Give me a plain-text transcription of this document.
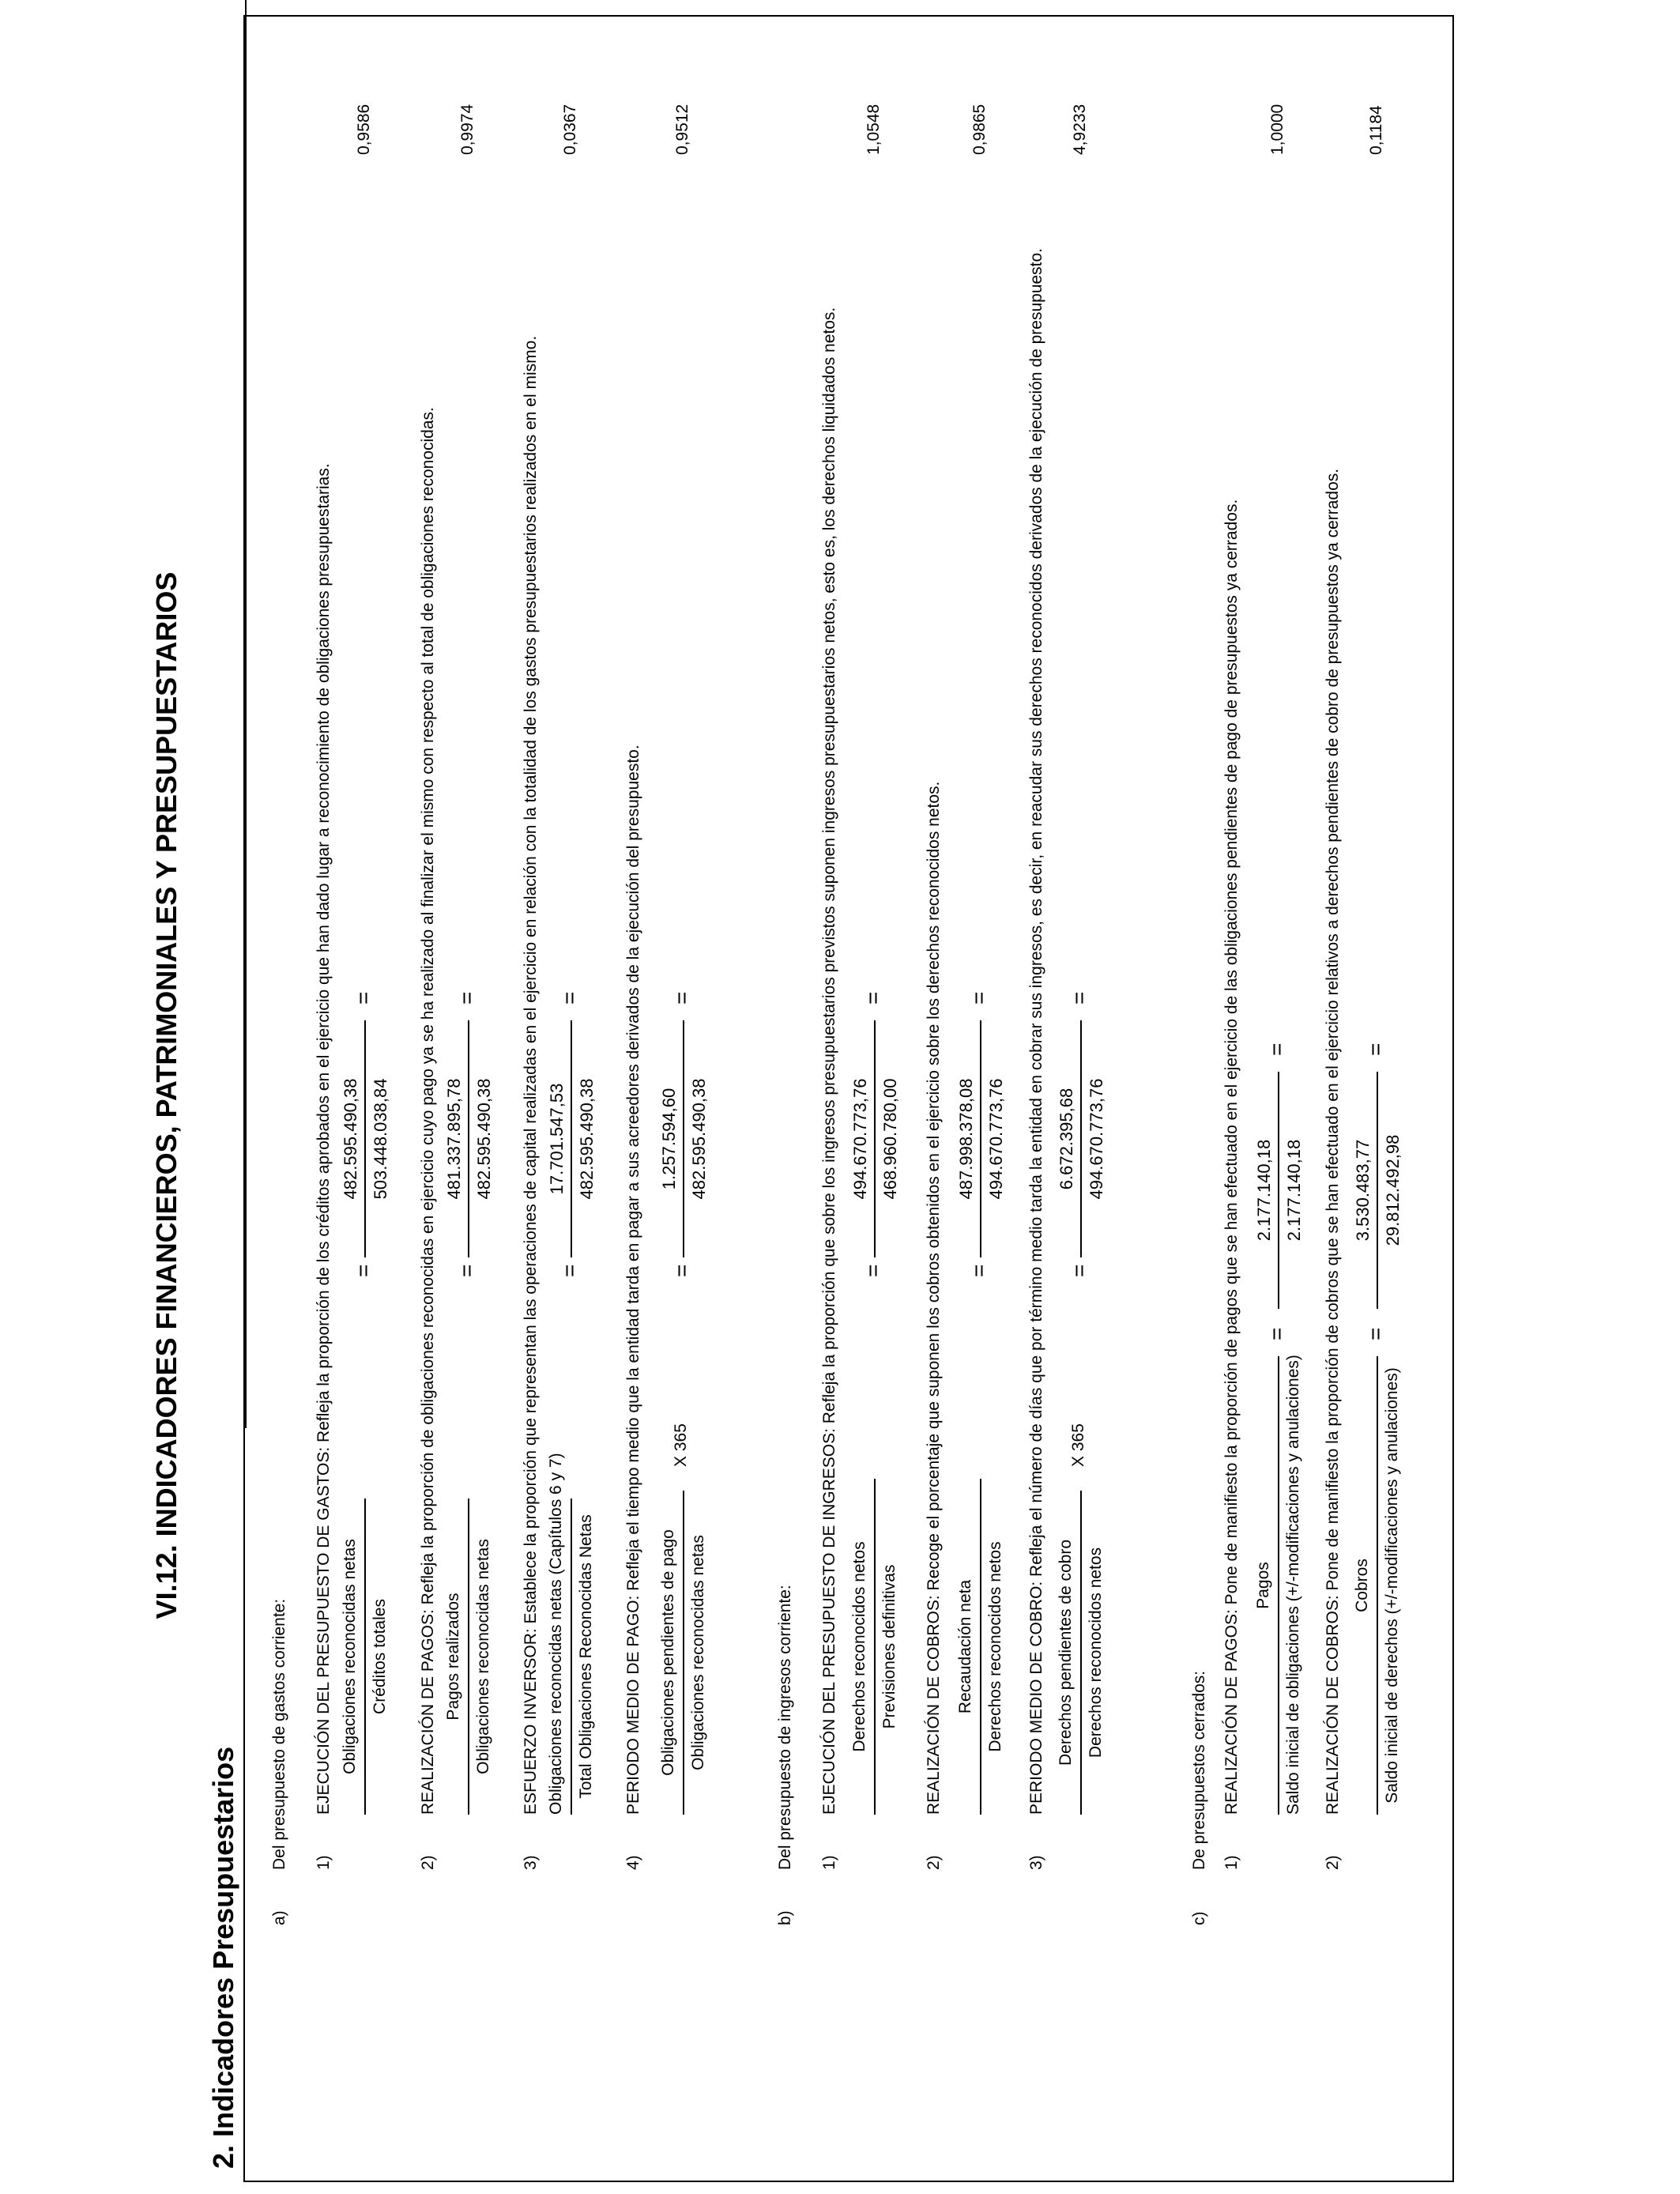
VI.12. INDICADORES FINANCIEROS, PATRIMONIALES Y PRESUPUESTARIOS
2. Indicadores Presupuestarios a)
Del presupuesto de gastos corriente: 1)
EJECUCIÓN DEL PRESUPUESTO DE GASTOS: Refleja la proporción de los créditos aprobados en el ejercicio que han dado lugar a reconocimiento de obligaciones presupuestarias. Obligaciones reconocidas netas Créditos totales
=
482.595.490,38 503.448.038,84
=
0,9586
2)
REALIZACIÓN DE PAGOS: Refleja la proporción de obligaciones reconocidas en ejercicio cuyo pago ya se ha realizado al finalizar el mismo con respecto al total de obligaciones reconocidas. Pagos realizados Obligaciones reconocidas netas
=
481.337.895,78 482.595.490,38
=
0,9974
3)
ESFUERZO INVERSOR: Establece la proporción que representan las operaciones de capital realizadas en el ejercicio en relación con la totalidad de los gastos presupuestarios realizados en el mismo. Obligaciones reconocidas netas (Capítulos 6 y 7) Total Obligaciones Reconocidas Netas
=
17.701.547,53 482.595.490,38
=
0,0367
4)
PERIODO MEDIO DE PAGO: Refleja el tiempo medio que la entidad tarda en pagar a sus acreedores derivados de la ejecución del presupuesto. Obligaciones pendientes de pago Obligaciones reconocidas netas
X 365
=
1.257.594,60 482.595.490,38
=
0,9512
b)
Del presupuesto de ingresos corriente: 1)
EJECUCIÓN DEL PRESUPUESTO DE INGRESOS: Refleja la proporción que sobre los ingresos presupuestarios previstos suponen ingresos presupuestarios netos, esto es, los derechos liquidados netos. Derechos reconocidos netos Previsiones definitivas
=
494.670.773,76 468.960.780,00
=
1,0548
2)
REALIZACIÓN DE COBROS: Recoge el porcentaje que suponen los cobros obtenidos en el ejercicio sobre los derechos reconocidos netos. Recaudación neta Derechos reconocidos netos
=
487.998.378,08 494.670.773,76
=
0,9865
3)
PERIODO MEDIO DE COBRO: Refleja el número de días que por término medio tarda la entidad en cobrar sus ingresos, es decir, en reacudar sus derechos reconocidos derivados de la ejecución de presupuesto. Derechos pendientes de cobro Derechos reconocidos netos
X 365
=
6.672.395,68 494.670.773,76
=
4,9233
c)
De presupuestos cerrados: 1)
REALIZACIÓN DE PAGOS: Pone de manifiesto la proporción de pagos que se han efectuado en el ejercicio de las obligaciones pendientes de pago de presupuestos ya cerrados. Pagos Saldo inicial de obligaciones (+/-modificaciones y anulaciones)
=
2.177.140,18 2.177.140,18
=
1,0000
2)
REALIZACIÓN DE COBROS: Pone de manifiesto la proporción de cobros que se han efectuado en el ejercicio relativos a derechos pendientes de cobro de presupuestos ya cerrados. Cobros Saldo inicial de derechos (+/-modificaciones y anulaciones)
=
3.530.483,77 29.812.492,98
=
0,1184
